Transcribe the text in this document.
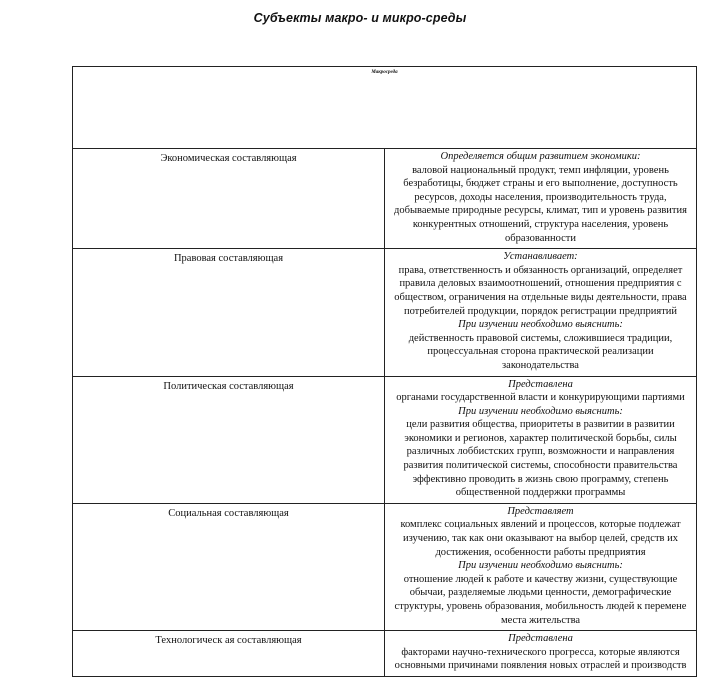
Субъекты макро- и микро-среды
Макросреда	

Экономическая составляющая	Определяется общим развитием экономики:
валовой национальный продукт, темп инфляции, уровень безработицы, бюджет страны и его выполнение, доступность ресурсов, доходы населения, производительность труда, добываемые природные ресурсы, климат, тип и уровень развития конкурентных отношений, структура населения, уровень образованности

Правовая составляющая	Устанавливает:
права, ответственность и обязанность организаций, определяет правила деловых взаимоотношений, отношения предприятия с обществом, ограничения на отдельные виды деятельности, права потребителей продукции, порядок регистрации предприятий
При изучении необходимо выяснить:
действенность правовой системы, сложившиеся традиции, процессуальная сторона практической реализации законодательства

Политическая составляющая	Представлена
органами государственной власти и конкурирующими партиями
При изучении необходимо выяснить:
цели развития общества, приоритеты в развитии в развитии экономики и регионов, характер политической борьбы, силы различных лоббистских групп, возможности и направления развития политической системы, способности правительства эффективно проводить в жизнь свою программу, степень общественной поддержки программы

Социальная составляющая	Представляет
комплекс социальных явлений и процессов, которые подлежат изучению, так как они оказывают на выбор целей, средств их достижения, особенности работы предприятия
При изучении необходимо выяснить:
отношение людей к работе и качеству жизни, существующие обычаи, разделяемые людьми ценности, демографические структуры, уровень образования, мобильность людей к перемене места жительства

Технологическ ая составляющая	Представлена
факторами научно-технического прогресса, которые являются основными причинами появления новых отраслей и производств
